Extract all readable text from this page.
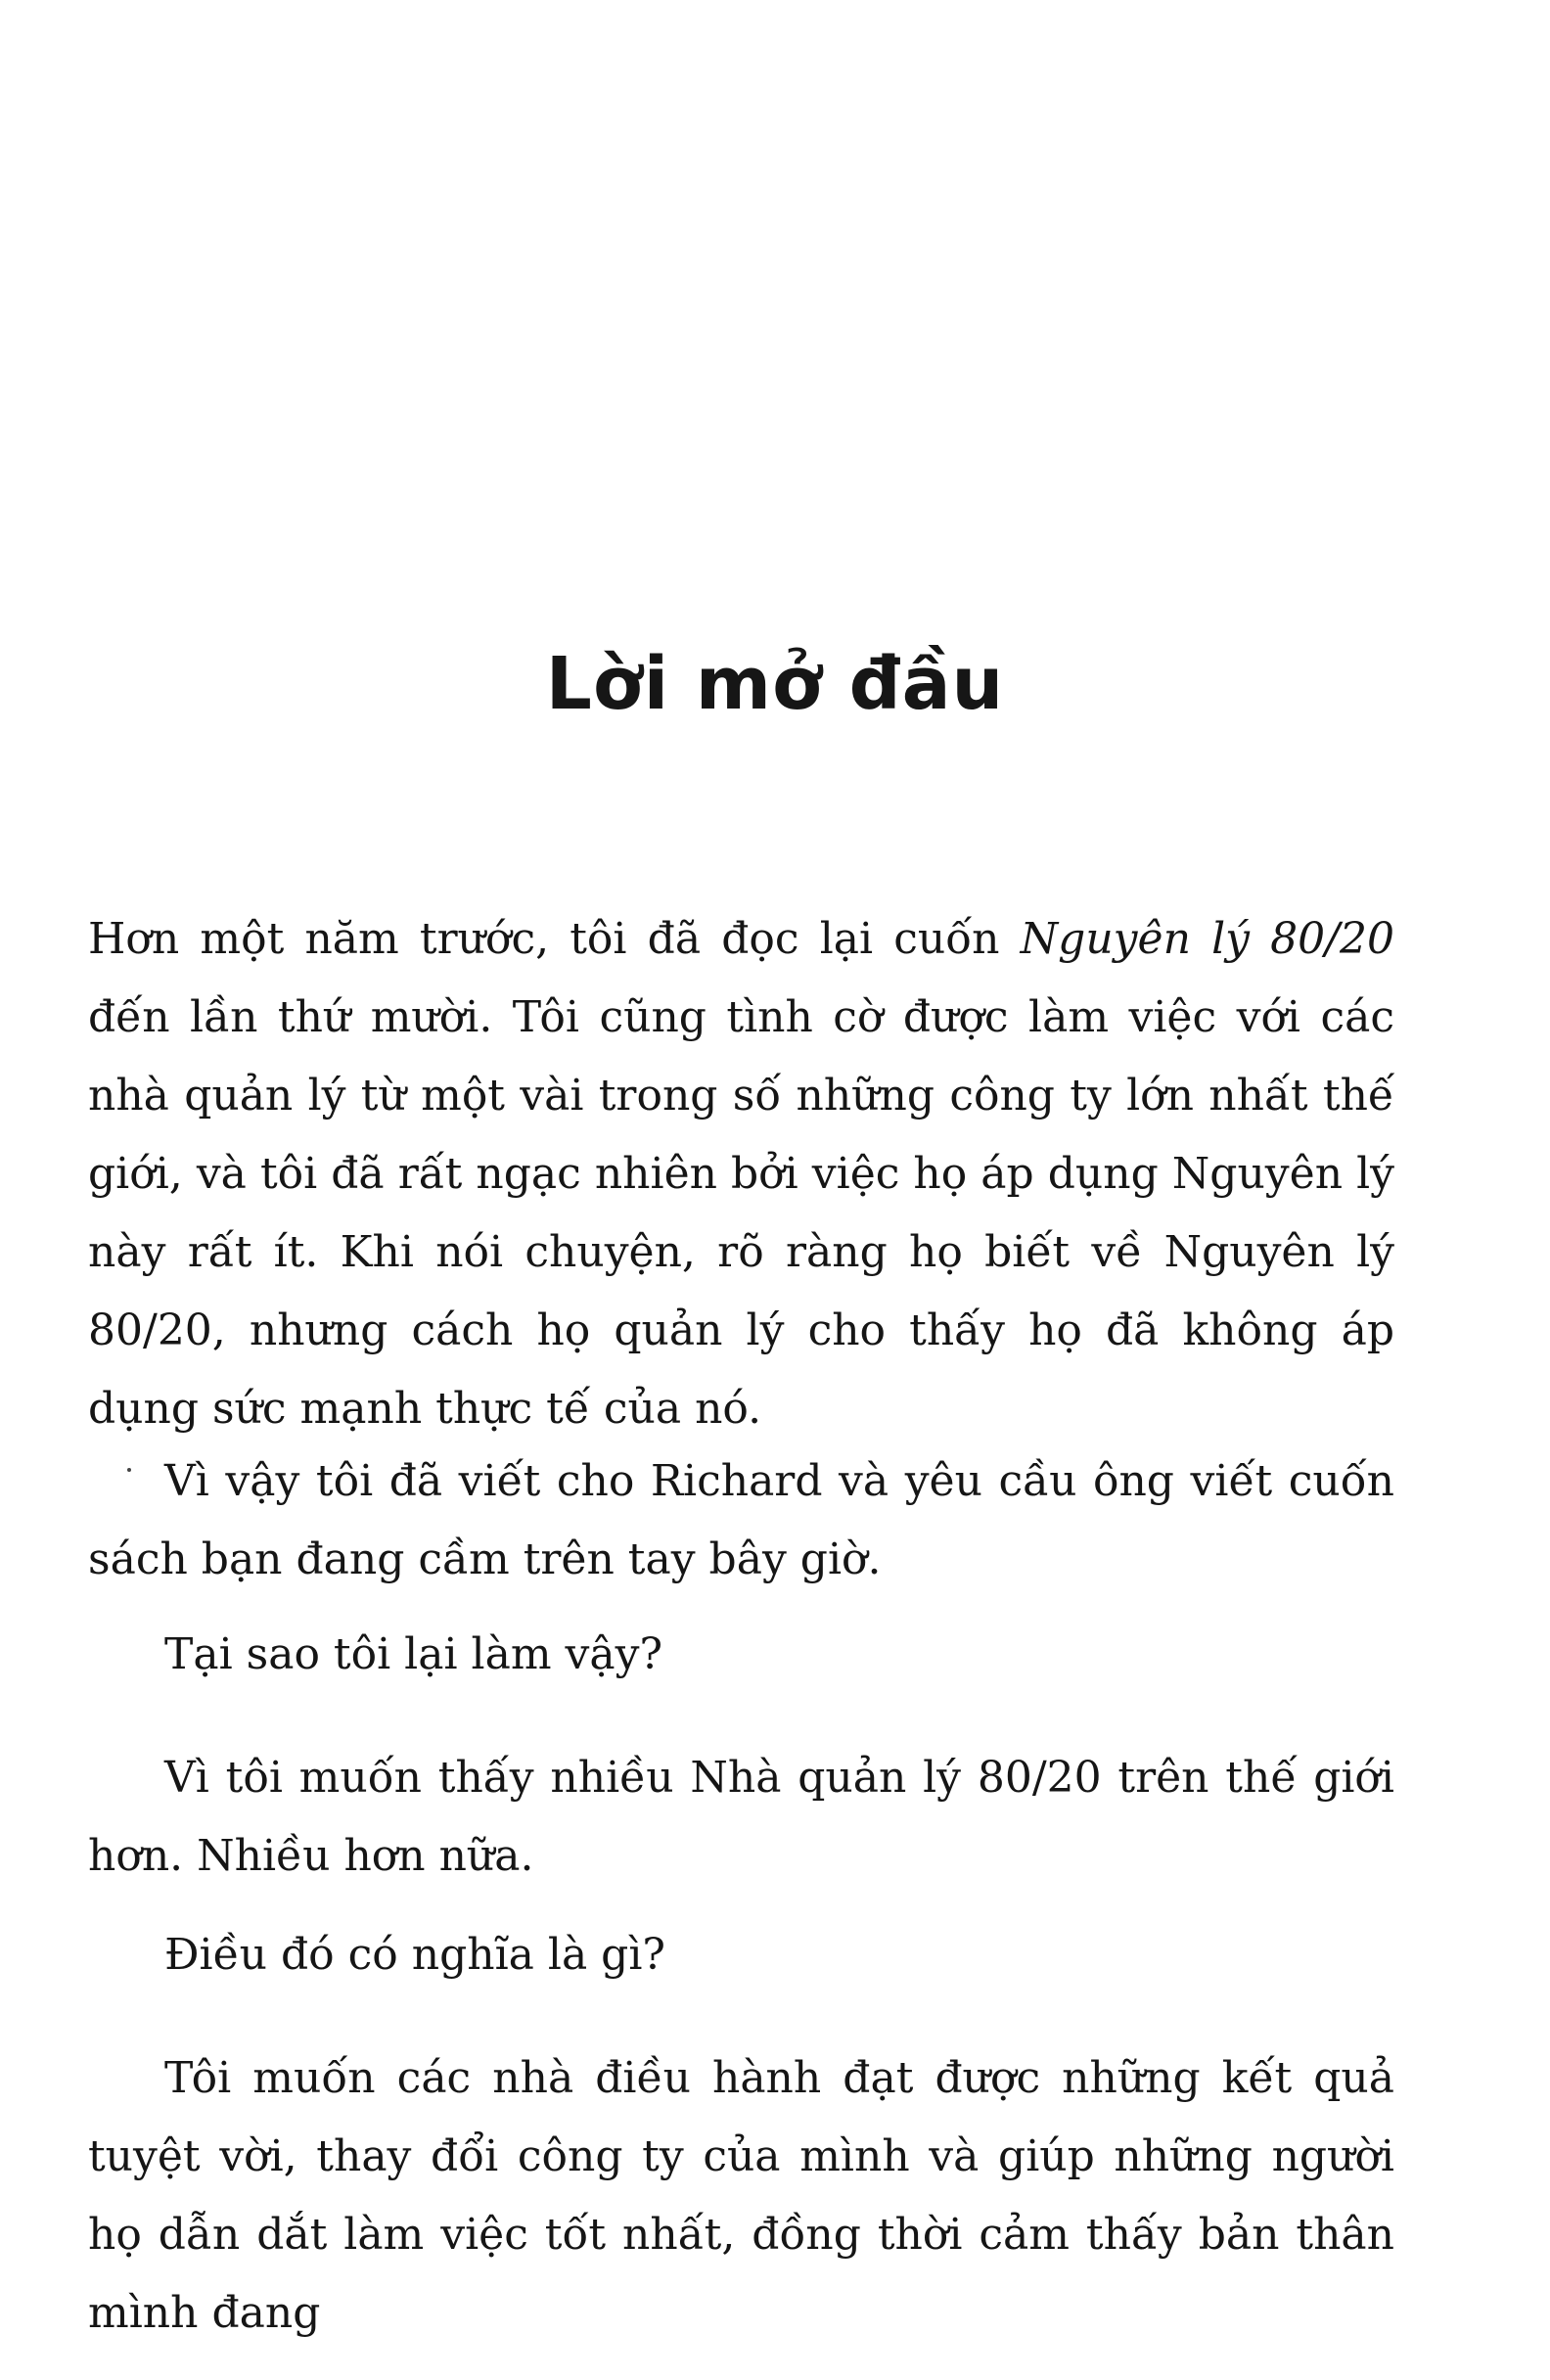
Lời mở đầu

Hơn một năm trước, tôi đã đọc lại cuốn Nguyên lý 80/20 đến lần thứ mười. Tôi cũng tình cờ được làm việc với các nhà quản lý từ một vài trong số những công ty lớn nhất thế giới, và tôi đã rất ngạc nhiên bởi việc họ áp dụng Nguyên lý này rất ít. Khi nói chuyện, rõ ràng họ biết về Nguyên lý 80/20, nhưng cách họ quản lý cho thấy họ đã không áp dụng sức mạnh thực tế của nó.

Vì vậy tôi đã viết cho Richard và yêu cầu ông viết cuốn sách bạn đang cầm trên tay bây giờ.

Tại sao tôi lại làm vậy?

Vì tôi muốn thấy nhiều Nhà quản lý 80/20 trên thế giới hơn. Nhiều hơn nữa.

Điều đó có nghĩa là gì?

Tôi muốn các nhà điều hành đạt được những kết quả tuyệt vời, thay đổi công ty của mình và giúp những người họ dẫn dắt làm việc tốt nhất, đồng thời cảm thấy bản thân mình đang
